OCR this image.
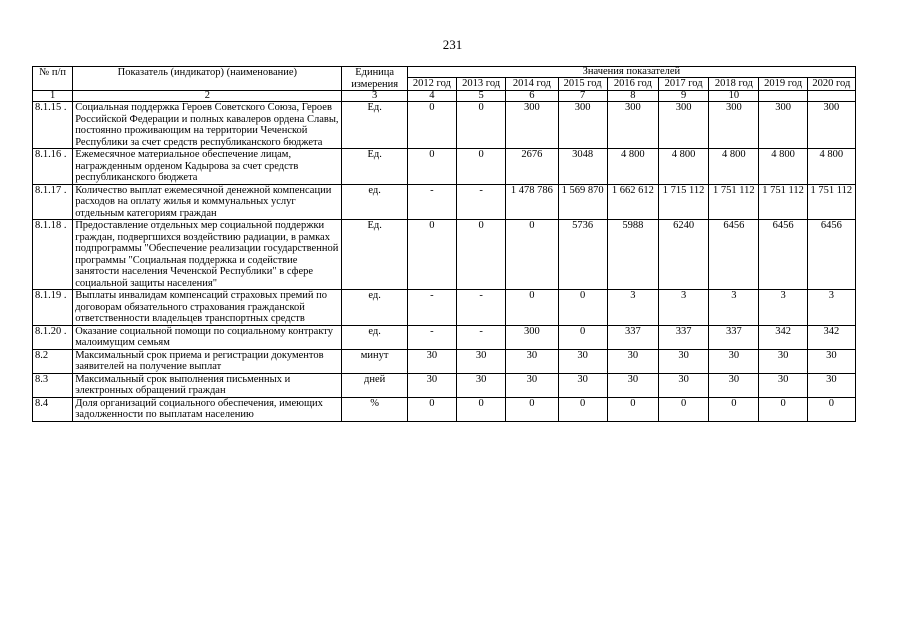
231
№ п/п	Показатель (индикатор) (наименование)	Единица измерения	Значения показателей								
			2012 год	2013 год	2014 год	2015 год	2016 год	2017 год	2018 год	2019 год	2020 год
1	2	3	4	5	6	7	8	9	10		
8.1.15 .	Социальная поддержка Героев Советского Союза, Героев Российской Федерации и полных кавалеров ордена Славы, постоянно проживающим на территории Чеченской Республики за счет средств республиканского бюджета	Ед.	0	0	300	300	300	300	300	300	300
8.1.16 .	Ежемесячное материальное обеспечение лицам, награжденным орденом Кадырова за счет средств республиканского бюджета	Ед.	0	0	2676	3048	4 800	4 800	4 800	4 800	4 800
8.1.17 .	Количество выплат ежемесячной денежной компенсации расходов на оплату жилья и коммунальных услуг отдельным категориям граждан	ед.	-	-	1 478 786	1 569 870	1 662 612	1 715 112	1 751 112	1 751 112	1 751 112
8.1.18 .	Предоставление отдельных мер социальной поддержки граждан, подвергшихся воздействию радиации, в рамках подпрограммы "Обеспечение реализации государственной программы "Социальная поддержка и содействие занятости населения Чеченской Республики" в сфере социальной защиты населения"	Ед.	0	0	0	5736	5988	6240	6456	6456	6456
8.1.19 .	Выплаты инвалидам компенсаций страховых премий по договорам обязательного страхования гражданской ответственности владельцев транспортных средств	ед.	-	-	0	0	3	3	3	3	3
8.1.20 .	Оказание социальной помощи по социальному контракту малоимущим семьям	ед.	-	-	300	0	337	337	337	342	342
8.2	Максимальный срок приема и регистрации документов заявителей на получение выплат	минут	30	30	30	30	30	30	30	30	30
8.3	Максимальный срок выполнения письменных и электронных обращений граждан	дней	30	30	30	30	30	30	30	30	30
8.4	Доля организаций социального обеспечения, имеющих задолженности по выплатам населению	%	0	0	0	0	0	0	0	0	0
